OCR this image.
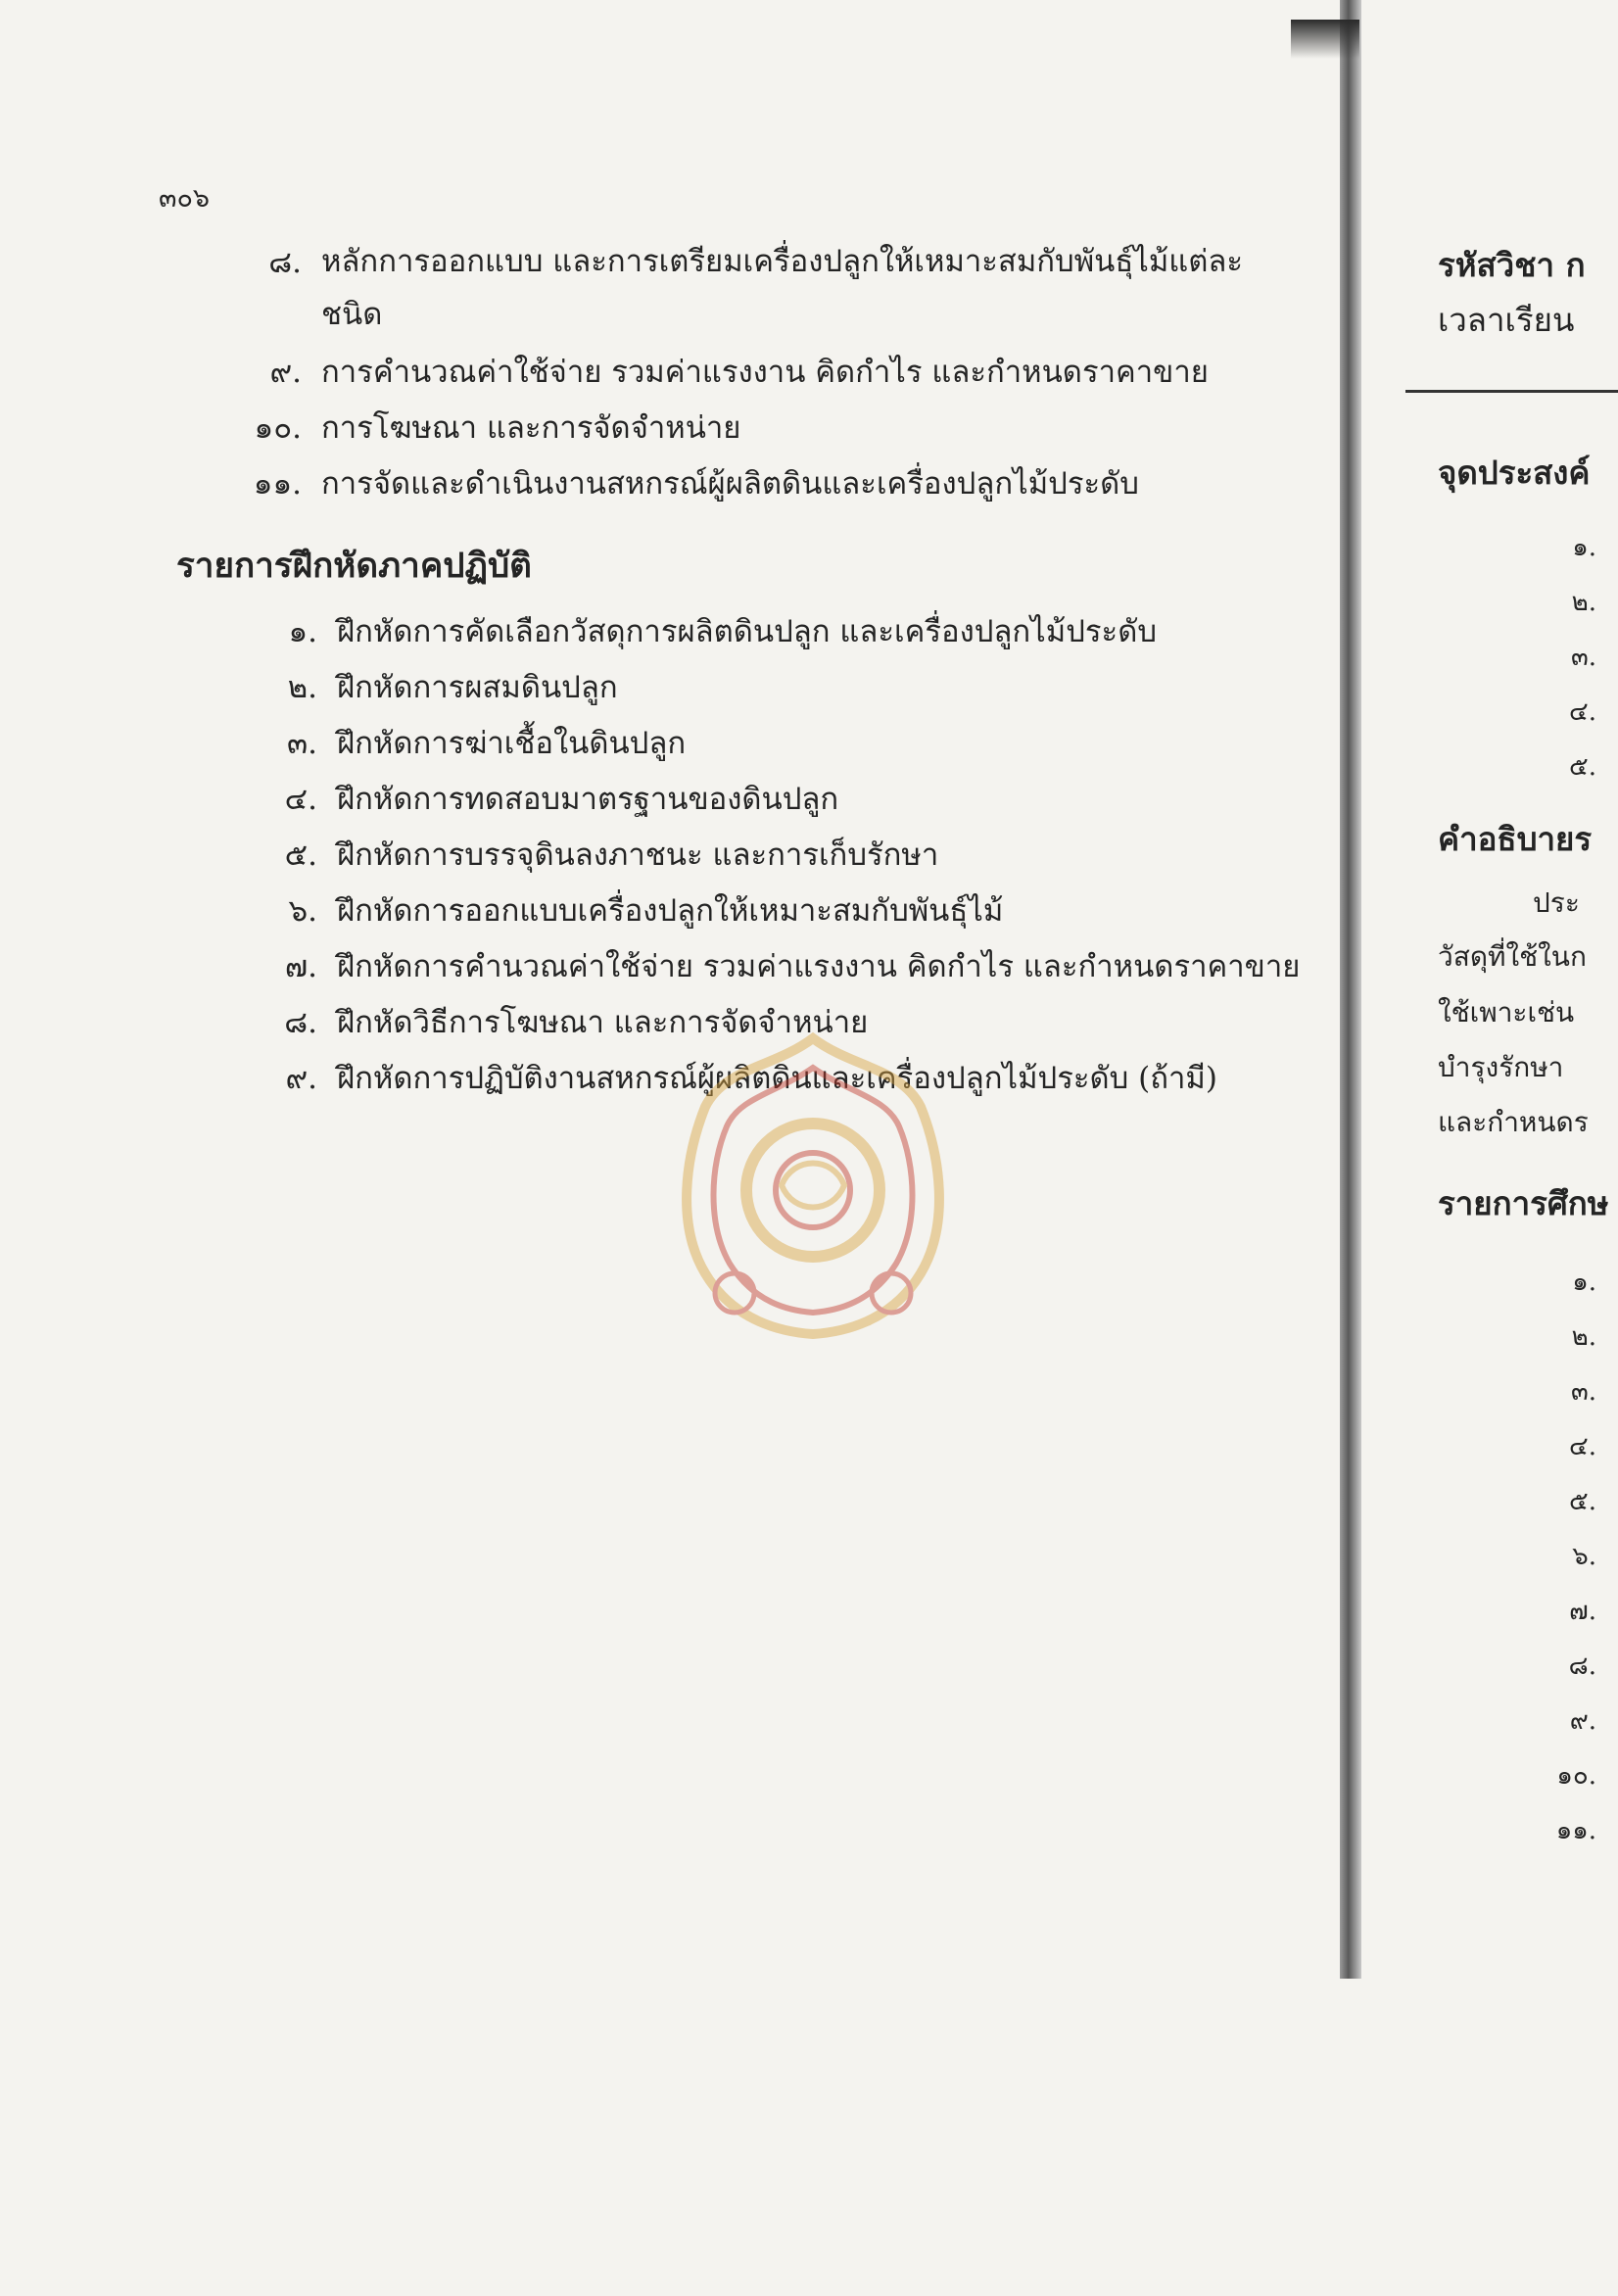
๓๐๖
๘. หลักการออกแบบ และการเตรียมเครื่องปลูกให้เหมาะสมกับพันธุ์ไม้แต่ละ ชนิด
๙. การคำนวณค่าใช้จ่าย รวมค่าแรงงาน คิดกำไร และกำหนดราคาขาย
๑๐. การโฆษณา และการจัดจำหน่าย
๑๑. การจัดและดำเนินงานสหกรณ์ผู้ผลิตดินและเครื่องปลูกไม้ประดับ
รายการฝึกหัดภาคปฏิบัติ
๑. ฝึกหัดการคัดเลือกวัสดุการผลิตดินปลูก และเครื่องปลูกไม้ประดับ
๒. ฝึกหัดการผสมดินปลูก
๓. ฝึกหัดการฆ่าเชื้อในดินปลูก
๔. ฝึกหัดการทดสอบมาตรฐานของดินปลูก
๕. ฝึกหัดการบรรจุดินลงภาชนะ และการเก็บรักษา
๖. ฝึกหัดการออกแบบเครื่องปลูกให้เหมาะสมกับพันธุ์ไม้
๗. ฝึกหัดการคำนวณค่าใช้จ่าย รวมค่าแรงงาน คิดกำไร และกำหนดราคาขาย
๘. ฝึกหัดวิธีการโฆษณา และการจัดจำหน่าย
๙. ฝึกหัดการปฏิบัติงานสหกรณ์ผู้ผลิตดินและเครื่องปลูกไม้ประดับ (ถ้ามี)
รหัสวิชา ก
เวลาเรียน
จุดประสงค์
๑.
๒.
๓.
๔.
๕.
คำอธิบายร
ประ
วัสดุที่ใช้ในก
ใช้เพาะเช่น
บำรุงรักษา
และกำหนดร
รายการศึกษ
๑.
๒.
๓.
๔.
๕.
๖.
๗.
๘.
๙.
๑๐.
๑๑.
